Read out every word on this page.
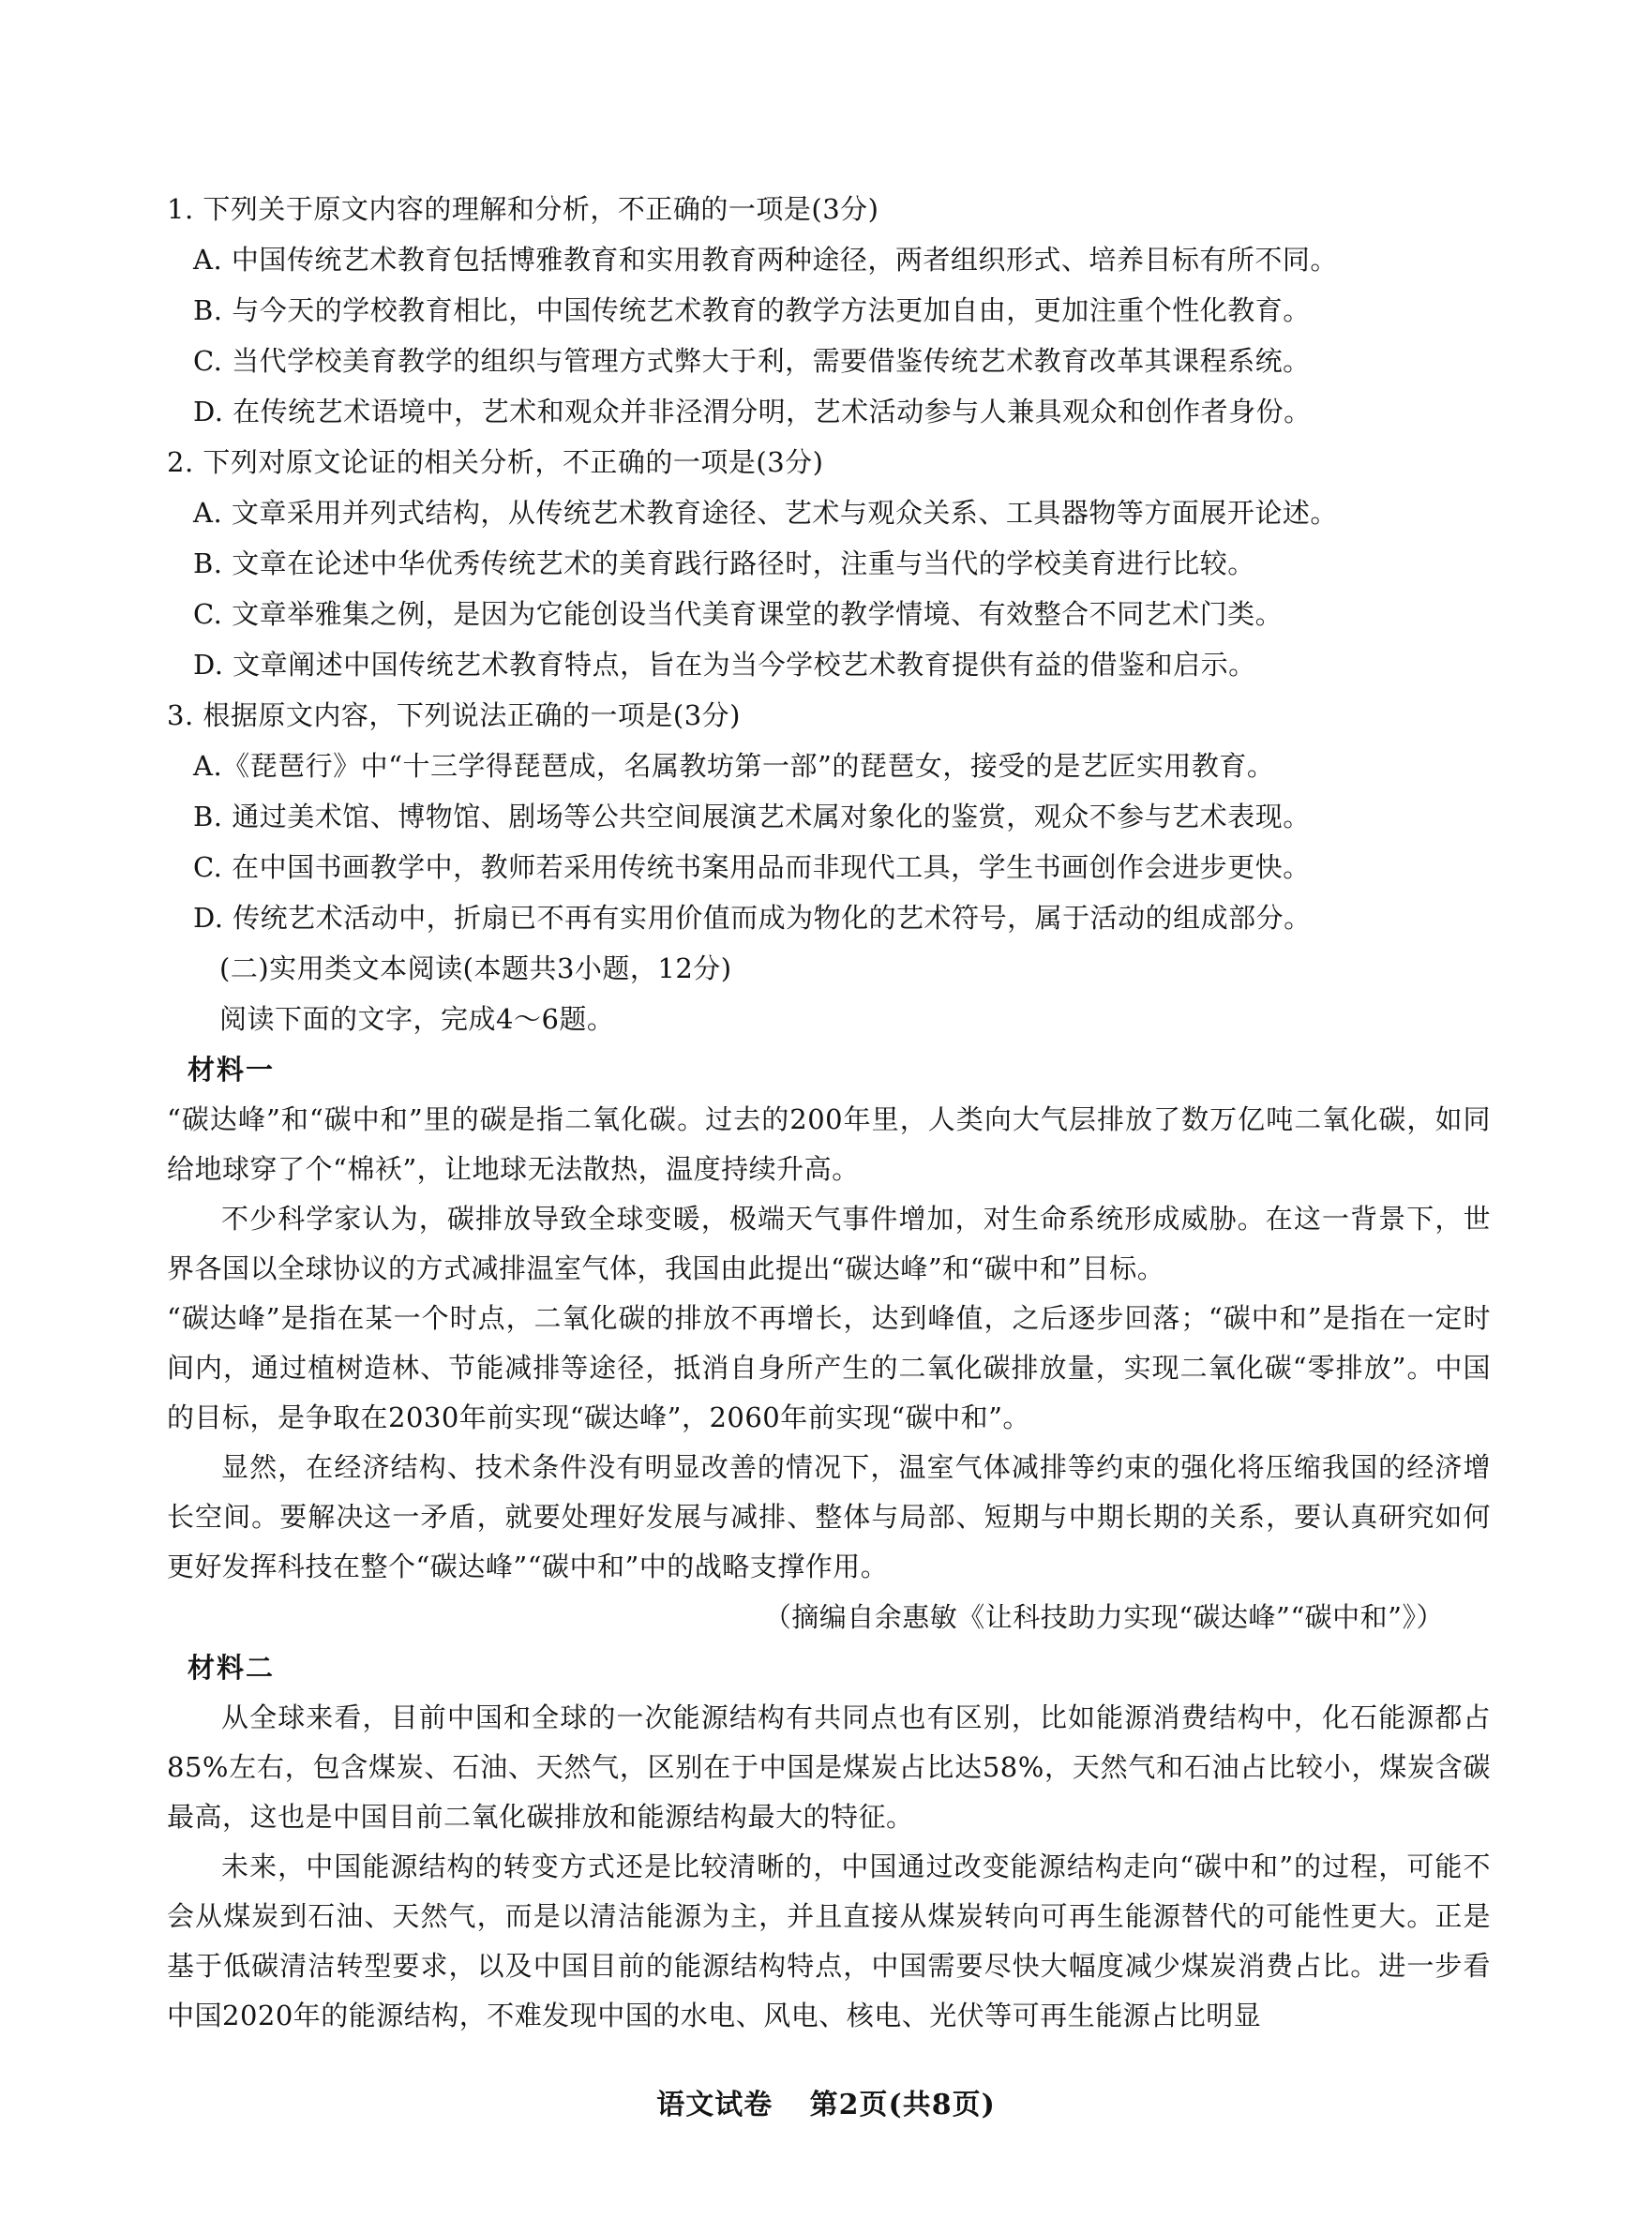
1. 下列关于原文内容的理解和分析，不正确的一项是(3分)
A. 中国传统艺术教育包括博雅教育和实用教育两种途径，两者组织形式、培养目标有所不同。
B. 与今天的学校教育相比，中国传统艺术教育的教学方法更加自由，更加注重个性化教育。
C. 当代学校美育教学的组织与管理方式弊大于利，需要借鉴传统艺术教育改革其课程系统。
D. 在传统艺术语境中，艺术和观众并非泾渭分明，艺术活动参与人兼具观众和创作者身份。
2. 下列对原文论证的相关分析，不正确的一项是(3分)
A. 文章采用并列式结构，从传统艺术教育途径、艺术与观众关系、工具器物等方面展开论述。
B. 文章在论述中华优秀传统艺术的美育践行路径时，注重与当代的学校美育进行比较。
C. 文章举雅集之例，是因为它能创设当代美育课堂的教学情境、有效整合不同艺术门类。
D. 文章阐述中国传统艺术教育特点，旨在为当今学校艺术教育提供有益的借鉴和启示。
3. 根据原文内容，下列说法正确的一项是(3分)
A.《琵琶行》中“十三学得琵琶成，名属教坊第一部”的琵琶女，接受的是艺匠实用教育。
B. 通过美术馆、博物馆、剧场等公共空间展演艺术属对象化的鉴赏，观众不参与艺术表现。
C. 在中国书画教学中，教师若采用传统书案用品而非现代工具，学生书画创作会进步更快。
D. 传统艺术活动中，折扇已不再有实用价值而成为物化的艺术符号，属于活动的组成部分。
(二)实用类文本阅读(本题共3小题，12分)
阅读下面的文字，完成4～6题。
材料一
“碳达峰”和“碳中和”里的碳是指二氧化碳。过去的200年里，人类向大气层排放了数万亿吨二氧化碳，如同给地球穿了个“棉袄”，让地球无法散热，温度持续升高。
不少科学家认为，碳排放导致全球变暖，极端天气事件增加，对生命系统形成威胁。在这一背景下，世界各国以全球协议的方式减排温室气体，我国由此提出“碳达峰”和“碳中和”目标。
“碳达峰”是指在某一个时点，二氧化碳的排放不再增长，达到峰值，之后逐步回落；“碳中和”是指在一定时间内，通过植树造林、节能减排等途径，抵消自身所产生的二氧化碳排放量，实现二氧化碳“零排放”。中国的目标，是争取在2030年前实现“碳达峰”，2060年前实现“碳中和”。
显然，在经济结构、技术条件没有明显改善的情况下，温室气体减排等约束的强化将压缩我国的经济增长空间。要解决这一矛盾，就要处理好发展与减排、整体与局部、短期与中期长期的关系，要认真研究如何更好发挥科技在整个“碳达峰”“碳中和”中的战略支撑作用。
（摘编自余惠敏《让科技助力实现“碳达峰”“碳中和”》）
材料二
从全球来看，目前中国和全球的一次能源结构有共同点也有区别，比如能源消费结构中，化石能源都占85%左右，包含煤炭、石油、天然气，区别在于中国是煤炭占比达58%，天然气和石油占比较小，煤炭含碳最高，这也是中国目前二氧化碳排放和能源结构最大的特征。
未来，中国能源结构的转变方式还是比较清晰的，中国通过改变能源结构走向“碳中和”的过程，可能不会从煤炭到石油、天然气，而是以清洁能源为主，并且直接从煤炭转向可再生能源替代的可能性更大。正是基于低碳清洁转型要求，以及中国目前的能源结构特点，中国需要尽快大幅度减少煤炭消费占比。进一步看中国2020年的能源结构，不难发现中国的水电、风电、核电、光伏等可再生能源占比明显
语文试卷 第2页(共8页)
